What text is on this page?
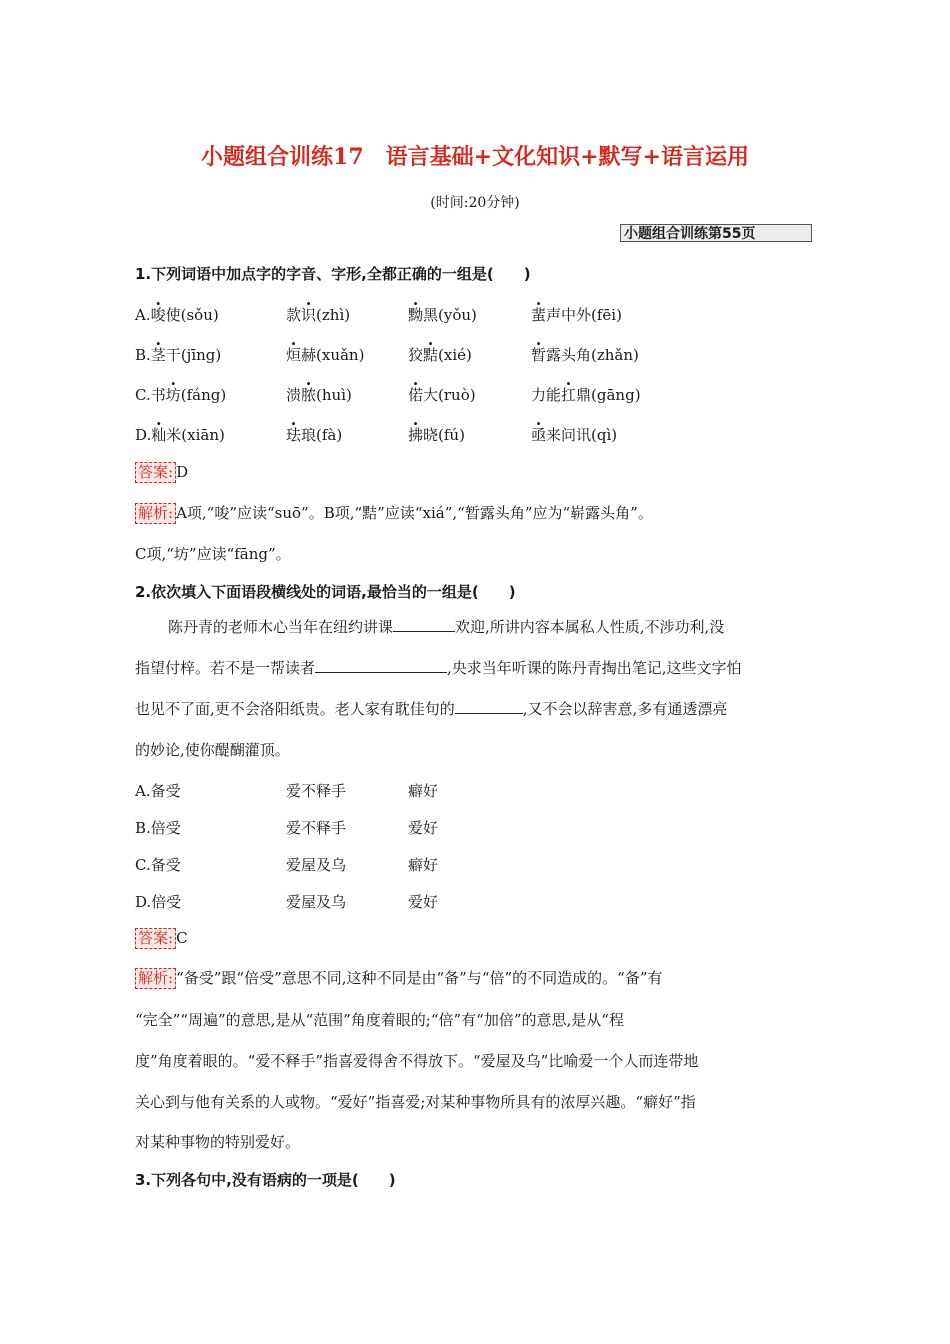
小题组合训练17　语言基础+文化知识+默写+语言运用
(时间:20分钟)
小题组合训练第55页
1.下列词语中加点字的字音、字形,全都正确的一组是(　　)
A.唆使(sǒu)	款识(zhì)	黝黑(yǒu)	蜚声中外(fēi)
B.茎干(jīng)	烜赫(xuǎn)	狡黠(xié)	暂露头角(zhǎn)
C.书坊(fáng)	溃脓(huì)	偌大(ruò)	力能扛鼎(gāng)
D.籼米(xiān)	珐琅(fà)	拂晓(fú)	亟来问讯(qì)
答案: D
解析: A项,“唆”应读“suō”。B项,“黠”应读“xiá”,“暂露头角”应为“崭露头角”。
C项,“坊”应读“fāng”。
2.依次填入下面语段横线处的词语,最恰当的一组是(　　)
陈丹青的老师木心当年在纽约讲课	欢迎,所讲内容本属私人性质,不涉功利,没
指望付梓。若不是一帮读者	,央求当年听课的陈丹青掏出笔记,这些文字怕
也见不了面,更不会洛阳纸贵。老人家有耽佳句的	,又不会以辞害意,多有通透漂亮
的妙论,使你醍醐灌顶。
A.备受	爱不释手	癖好
B.倍受	爱不释手	爱好
C.备受	爱屋及乌	癖好
D.倍受	爱屋及乌	爱好
答案: C
解析: “备受”跟“倍受”意思不同,这种不同是由“备”与“倍”的不同造成的。“备”有
“完全”“周遍”的意思,是从“范围”角度着眼的;“倍”有“加倍”的意思,是从“程
度”角度着眼的。“爱不释手”指喜爱得舍不得放下。“爱屋及乌”比喻爱一个人而连带地
关心到与他有关系的人或物。“爱好”指喜爱;对某种事物所具有的浓厚兴趣。“癖好”指
对某种事物的特别爱好。
3.下列各句中,没有语病的一项是(　　)
